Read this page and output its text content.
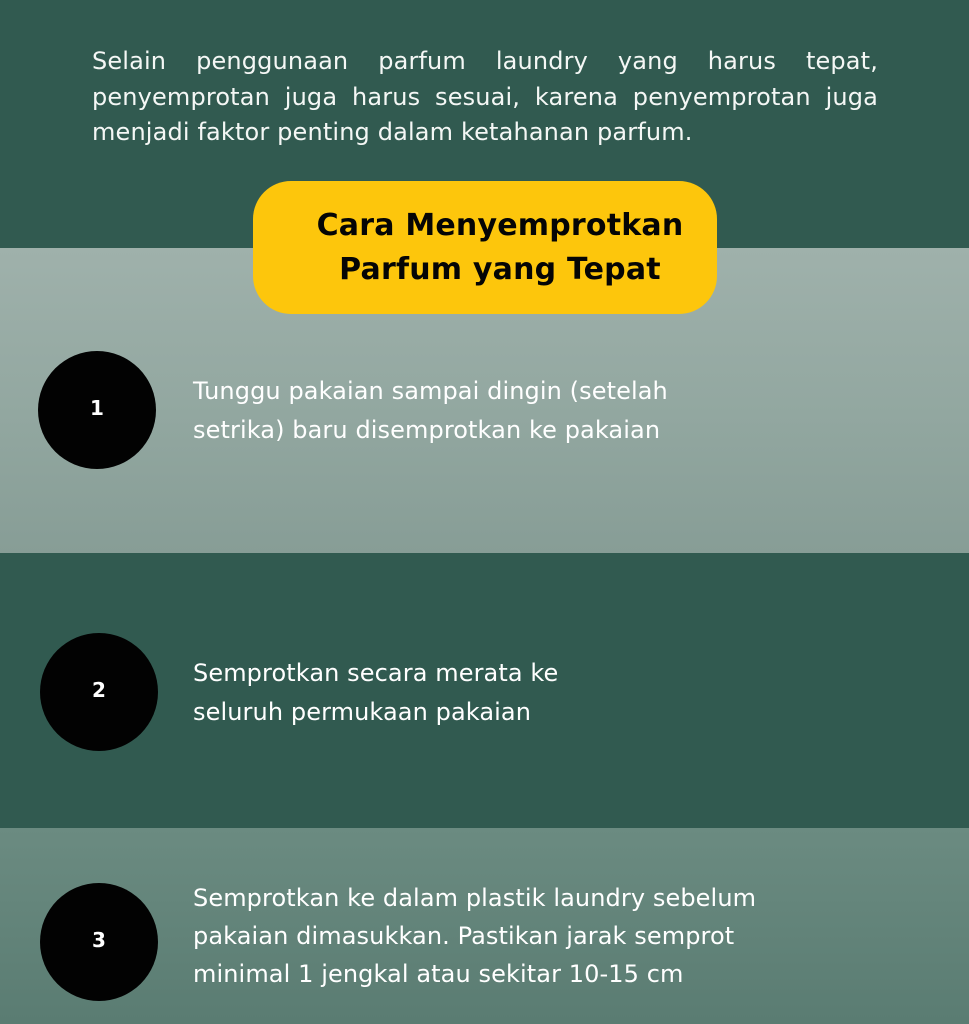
Selain penggunaan parfum laundry yang harus tepat, penyemprotan juga harus sesuai, karena penyemprotan juga menjadi faktor penting dalam ketahanan parfum.

Cara Menyemprotkan
Parfum yang Tepat
1
Tunggu pakaian sampai dingin (setelah
setrika) baru disemprotkan ke pakaian
2
Semprotkan secara merata ke
seluruh permukaan pakaian
3
Semprotkan ke dalam plastik laundry sebelum
pakaian dimasukkan. Pastikan jarak semprot
minimal 1 jengkal atau sekitar 10-15 cm
